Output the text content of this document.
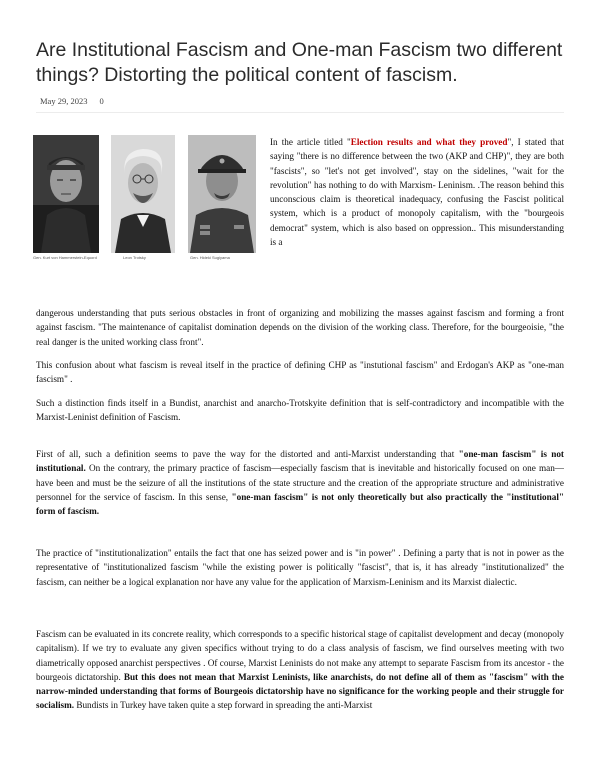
Are Institutional Fascism and One-man Fascism two different things? Distorting the political content of fascism.
May 29, 2023 0
Gen. Kurt von Hammerstein-Equord	Leon Trotsky	Gen. Hideki Sugiyama

In the article titled "Election results and what they proved", I stated that saying "there is no difference between the two (AKP and CHP)", they are both "fascists", so "let's not get involved", stay on the sidelines, "wait for the revolution" has nothing to do with Marxism- Leninism. .The reason behind this unconscious claim is theoretical inadequacy, confusing the Fascist political system, which is a product of monopoly capitalism, with the "bourgeois democrat" system, which is also based on oppression.. This misunderstanding is a

dangerous understanding that puts serious obstacles in front of organizing and mobilizing the masses against fascism and forming a front against fascism. "The maintenance of capitalist domination depends on the division of the working class. Therefore, for the bourgeoisie, "the real danger is the united working class front".

This confusion about what fascism is reveal itself in the practice of defining CHP as "instutional fascism" and Erdogan's AKP as "one-man fascism" .

Such a distinction finds itself in a Bundist, anarchist and anarcho-Trotskyite definition that is self-contradictory and incompatible with the Marxist-Leninist definition of Fascism.

First of all, such a definition seems to pave the way for the distorted and anti-Marxist understanding that "one-man fascism" is not institutional. On the contrary, the primary practice of fascism—especially fascism that is inevitable and historically focused on one man— have been and must be the seizure of all the institutions of the state structure and the creation of the appropriate structure and administrative personnel for the service of fascism. In this sense, "one-man fascism" is not only theoretically but also practically the "institutional" form of fascism.

The practice of "institutionalization" entails the fact that one has seized power and is "in power" . Defining a party that is not in power as the representative of "institutionalized fascism "while the existing power is politically "fascist", that is, it has already "institutionalized" the fascism, can neither be a logical explanation nor have any value for the application of Marxism-Leninism and its Marxist dialectic.

Fascism can be evaluated in its concrete reality, which corresponds to a specific historical stage of capitalist development and decay (monopoly capitalism). If we try to evaluate any given specifics without trying to do a class analysis of fascism, we find ourselves meeting with two diametrically opposed anarchist perspectives . Of course, Marxist Leninists do not make any attempt to separate Fascism from its ancestor - the bourgeois dictatorship. But this does not mean that Marxist Leninists, like anarchists, do not define all of them as "fascism" with the narrow-minded understanding that forms of Bourgeois dictatorship have no significance for the working people and their struggle for socialism. Bundists in Turkey have taken quite a step forward in spreading the anti-Marxist
